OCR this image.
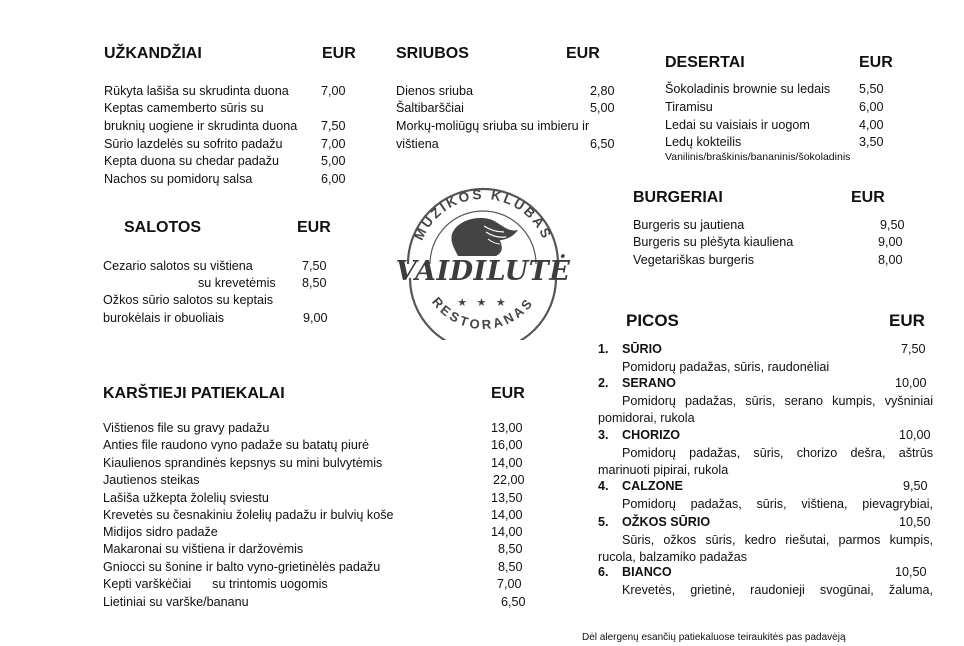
UŽKANDŽIAI	EUR
Rūkyta lašiša su skrudinta duona	7,00
Keptas camemberto sūris su
bruknių uogiene ir skrudinta duona 7,50
Sūrio lazdelės su sofrito padažu	7,00
Kepta duona su chedar padažu	5,00
Nachos su pomidorų salsa	6,00
SRIUBOS	EUR
Dienos sriuba	2,80
Šaltibarščiai	5,00
Morkų-moliūgų sriuba su imbieru ir
vištiena	6,50
DESERTAI	EUR
Šokoladinis brownie su ledais 5,50
Tiramisu	6,00
Ledai su vaisiais ir uogom	4,00
Ledų kokteilis	3,50
Vanilinis/braškinis/bananinis/šokoladinis
SALOTOS	EUR
Cezario salotos su vištiena	7,50
su krevetėmis 8,50
Ožkos sūrio salotos su keptais
burokėlais ir obuoliais	9,00
BURGERIAI	EUR
Burgeris su jautiena	9,50
Burgeris su plėšyta kiauliena	9,00
Vegetariškas burgeris	8,00
MUZIKOS KLUBAS
VAIDILUTĖ
★ ★ ★
RESTORANAS
KARŠTIEJI PATIEKALAI	EUR
Vištienos file su gravy padažu	13,00
Anties file raudono vyno padaže su batatų piurė	16,00
Kiaulienos sprandinės kepsnys su mini bulvytėmis	14,00
Jautienos steikas	22,00
Lašiša užkepta žolelių sviestu	13,50
Krevetės su česnakiniu žolelių padažu ir bulvių koše	14,00
Midijos sidro padaže	14,00
Makaronai su vištiena ir daržovėmis	8,50
Gniocci su šonine ir balto vyno-grietinėlės padažu	8,50
Kepti varškėčiai      su trintomis uogomis	7,00
Lietiniai su varške/bananu	6,50
PICOS	EUR
1. SŪRIO	7,50
Pomidorų padažas, sūris, raudonėliai
2. SERANO	10,00
Pomidorų padažas, sūris, serano kumpis, vyšniniai
pomidorai, rukola
3. CHORIZO	10,00
Pomidorų padažas, sūris, chorizo dešra, aštrūs
marinuoti pipirai, rukola
4. CALZONE	9,50
Pomidorų padažas, sūris, vištiena, pievagrybiai,
5. OŽKOS SŪRIO	10,50
Sūris, ožkos sūris, kedro riešutai, parmos kumpis,
rucola, balzamiko padažas
6. BIANCO	10,50
Krevetės, grietinė, raudonieji svogūnai, žaluma,
Dėl alergenų esančių patiekaluose teiraukitės pas padavėją
